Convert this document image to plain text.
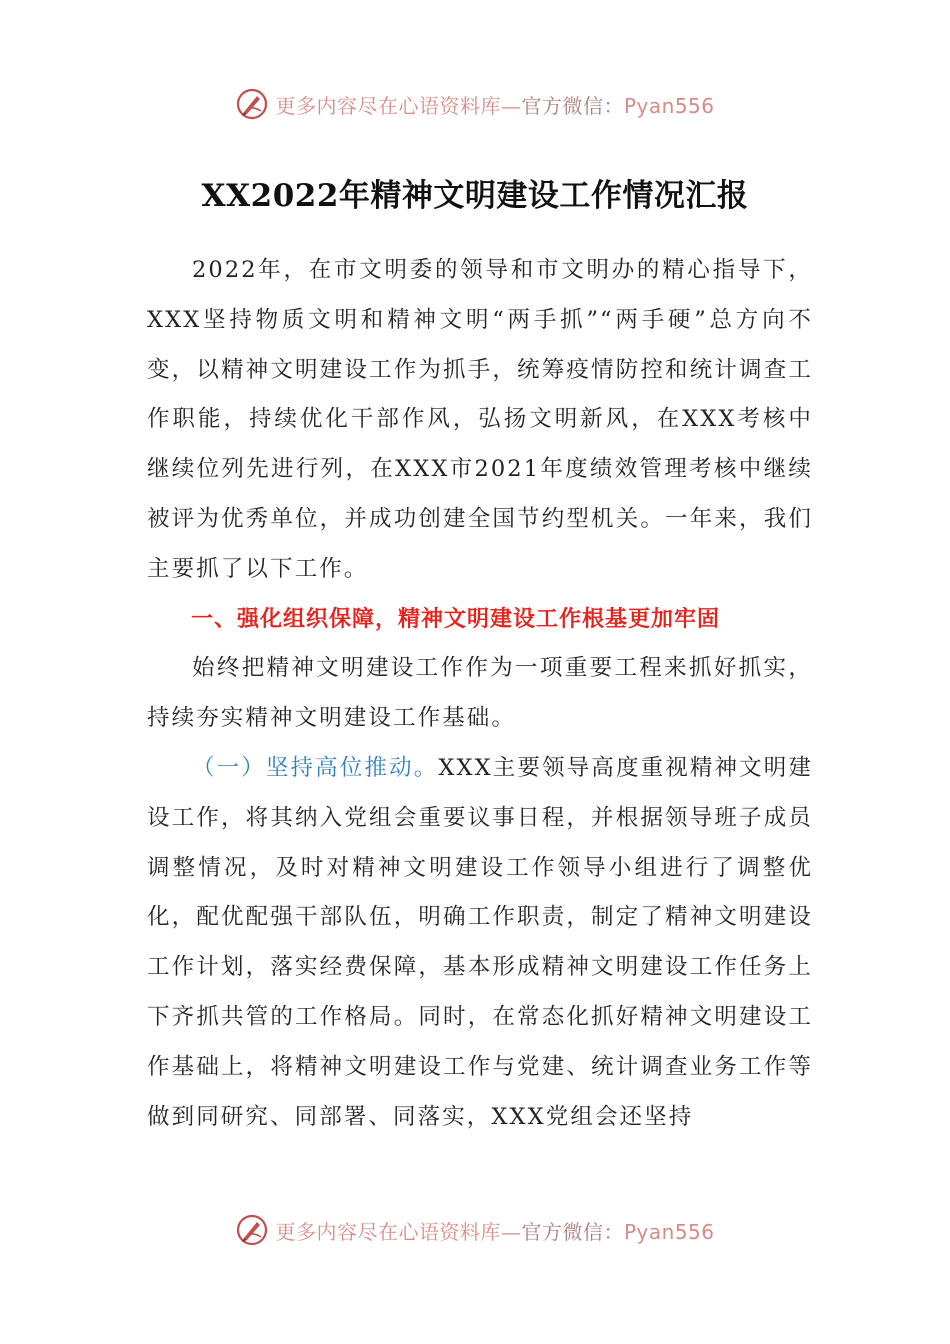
更多内容尽在心语资料库—官方微信：Pyan556
XX2022年精神文明建设工作情况汇报

2022年，在市文明委的领导和市文明办的精心指导下，XXX坚持物质文明和精神文明“两手抓”“两手硬”总方向不变，以精神文明建设工作为抓手，统筹疫情防控和统计调查工作职能，持续优化干部作风，弘扬文明新风，在XXX考核中继续位列先进行列，在XXX市2021年度绩效管理考核中继续被评为优秀单位，并成功创建全国节约型机关。一年来，我们主要抓了以下工作。

一、强化组织保障，精神文明建设工作根基更加牢固

始终把精神文明建设工作作为一项重要工程来抓好抓实，持续夯实精神文明建设工作基础。

（一）坚持高位推动。XXX主要领导高度重视精神文明建设工作，将其纳入党组会重要议事日程，并根据领导班子成员调整情况，及时对精神文明建设工作领导小组进行了调整优化，配优配强干部队伍，明确工作职责，制定了精神文明建设工作计划，落实经费保障，基本形成精神文明建设工作任务上下齐抓共管的工作格局。同时，在常态化抓好精神文明建设工作基础上，将精神文明建设工作与党建、统计调查业务工作等做到同研究、同部署、同落实，XXX党组会还坚持

更多内容尽在心语资料库—官方微信：Pyan556
